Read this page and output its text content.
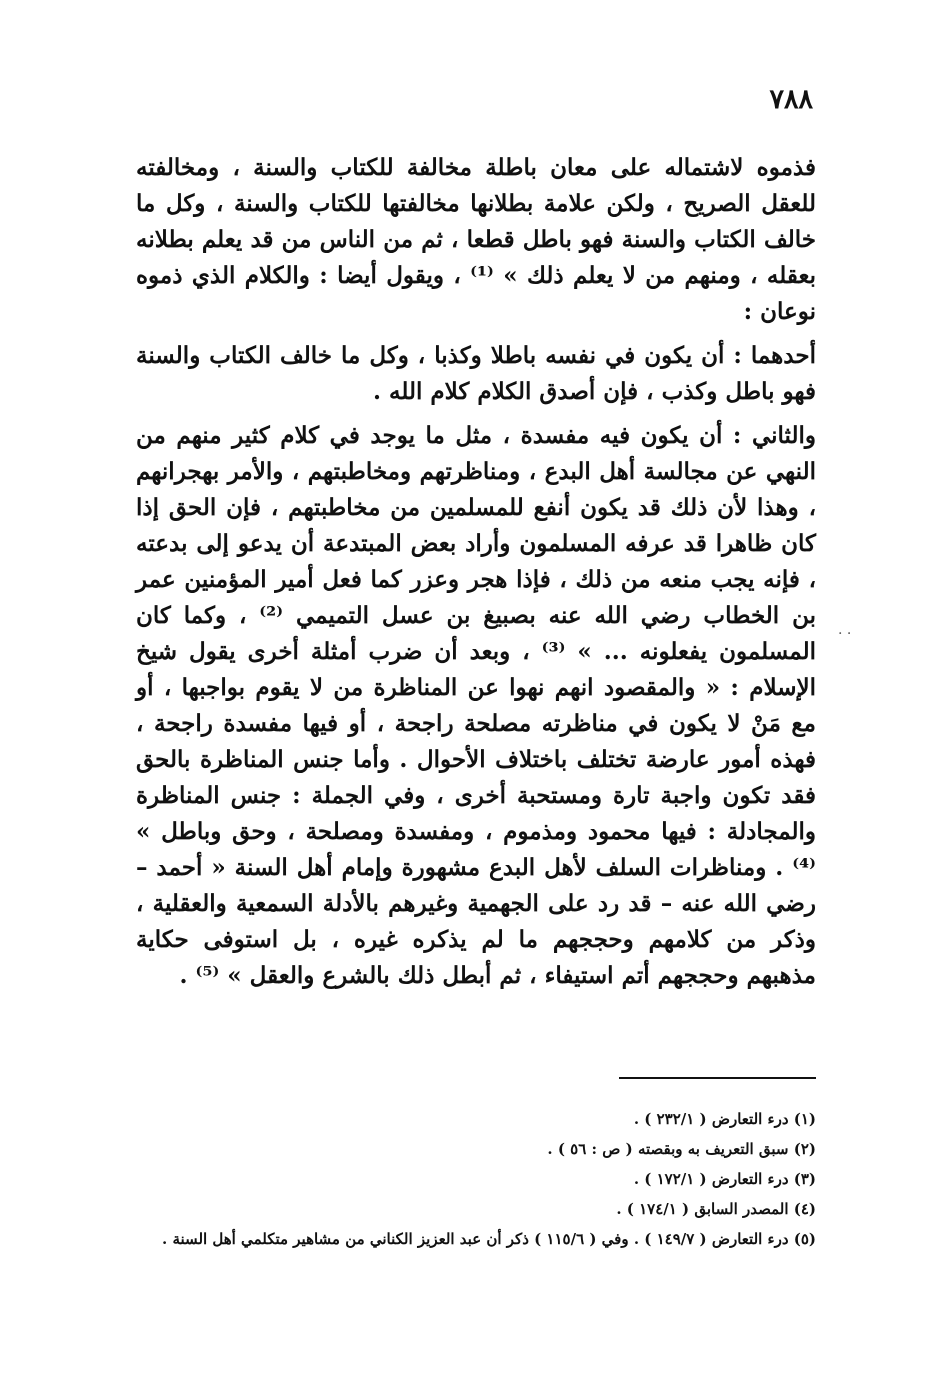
٧٨٨

فذموه لاشتماله على معان باطلة مخالفة للكتاب والسنة ، ومخالفته للعقل الصريح ، ولكن علامة بطلانها مخالفتها للكتاب والسنة ، وكل ما خالف الكتاب والسنة فهو باطل قطعا ، ثم من الناس من قد يعلم بطلانه بعقله ، ومنهم من لا يعلم ذلك » ⁽¹⁾ ، ويقول أيضا : والكلام الذي ذموه نوعان :

أحدهما : أن يكون في نفسه باطلا وكذبا ، وكل ما خالف الكتاب والسنة فهو باطل وكذب ، فإن أصدق الكلام كلام الله .

والثاني : أن يكون فيه مفسدة ، مثل ما يوجد في كلام كثير منهم من النهي عن مجالسة أهل البدع ، ومناظرتهم ومخاطبتهم ، والأمر بهجرانهم ، وهذا لأن ذلك قد يكون أنفع للمسلمين من مخاطبتهم ، فإن الحق إذا كان ظاهرا قد عرفه المسلمون وأراد بعض المبتدعة أن يدعو إلى بدعته ، فإنه يجب منعه من ذلك ، فإذا هجر وعزر كما فعل أمير المؤمنين عمر بن الخطاب رضي الله عنه بصبيغ بن عسل التميمي ⁽²⁾ ، وكما كان المسلمون يفعلونه ... » ⁽³⁾ ، وبعد أن ضرب أمثلة أخرى يقول شيخ الإسلام : « والمقصود انهم نهوا عن المناظرة من لا يقوم بواجبها ، أو مع مَنْ لا يكون في مناظرته مصلحة راجحة ، أو فيها مفسدة راجحة ، فهذه أمور عارضة تختلف باختلاف الأحوال . وأما جنس المناظرة بالحق فقد تكون واجبة تارة ومستحبة أخرى ، وفي الجملة : جنس المناظرة والمجادلة : فيها محمود ومذموم ، ومفسدة ومصلحة ، وحق وباطل » ⁽⁴⁾ . ومناظرات السلف لأهل البدع مشهورة وإمام أهل السنة « أحمد – رضي الله عنه – قد رد على الجهمية وغيرهم بالأدلة السمعية والعقلية ، وذكر من كلامهم وحججهم ما لم يذكره غيره ، بل استوفى حكاية مذهبهم وحججهم أتم استيفاء ، ثم أبطل ذلك بالشرع والعقل » ⁽⁵⁾ .

. .

(١) درء التعارض ( ٢٣٢/١ ) .

(٢) سبق التعريف به وبقصته ( ص : ٥٦ ) .

(٣) درء التعارض ( ١٧٢/١ ) .

(٤) المصدر السابق ( ١٧٤/١ ) .

(٥) درء التعارض ( ١٤٩/٧ ) . وفي ( ١١٥/٦ ) ذكر أن عبد العزيز الكناني من مشاهير متكلمي أهل السنة .
